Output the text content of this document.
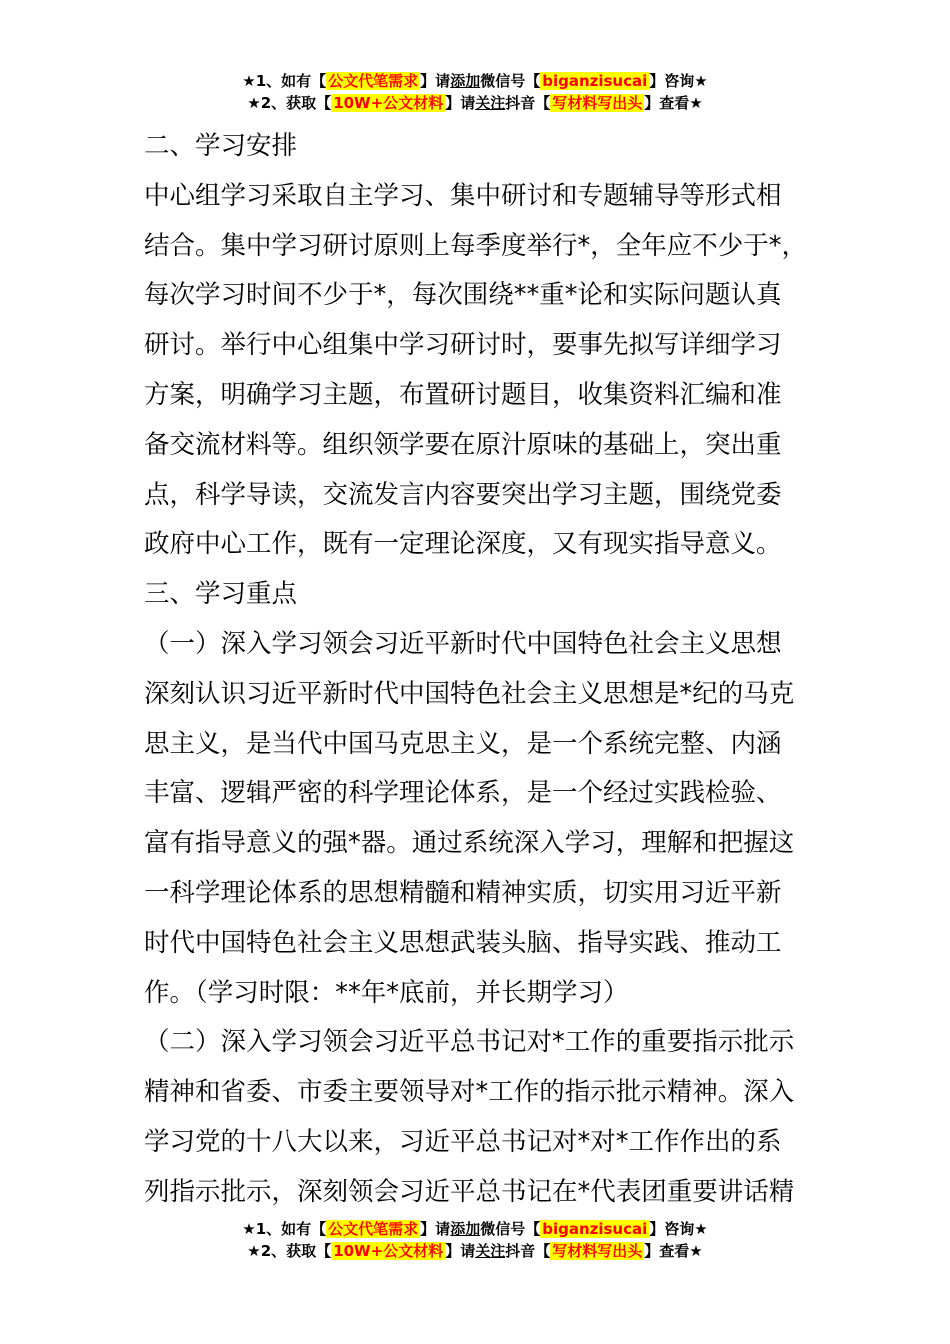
★1、如有【 公文代笔需求 】请添加微信号【 biganzisucai 】咨询★
★2、获取【 10W+公文材料 】请关注抖音【 写材料写出头 】查看★

二、学习安排

中心组学习采取自主学习、集中研讨和专题辅导等形式相

结合。集中学习研讨原则上每季度举行*，全年应不少于*，

每次学习时间不少于*，每次围绕**重*论和实际问题认真

研讨。举行中心组集中学习研讨时，要事先拟写详细学习

方案，明确学习主题，布置研讨题目，收集资料汇编和准

备交流材料等。组织领学要在原汁原味的基础上，突出重

点，科学导读，交流发言内容要突出学习主题，围绕党委

政府中心工作，既有一定理论深度，又有现实指导意义。

三、学习重点

（一）深入学习领会习近平新时代中国特色社会主义思想

深刻认识习近平新时代中国特色社会主义思想是*纪的马克

思主义，是当代中国马克思主义，是一个系统完整、内涵

丰富、逻辑严密的科学理论体系，是一个经过实践检验、

富有指导意义的强*器。通过系统深入学习，理解和把握这

一科学理论体系的思想精髓和精神实质，切实用习近平新

时代中国特色社会主义思想武装头脑、指导实践、推动工

作。（学习时限：**年*底前，并长期学习）

（二）深入学习领会习近平总书记对*工作的重要指示批示

精神和省委、市委主要领导对*工作的指示批示精神。深入

学习党的十八大以来，习近平总书记对*对*工作作出的系

列指示批示，深刻领会习近平总书记在*代表团重要讲话精

★1、如有【 公文代笔需求 】请添加微信号【 biganzisucai 】咨询★
★2、获取【 10W+公文材料 】请关注抖音【 写材料写出头 】查看★
